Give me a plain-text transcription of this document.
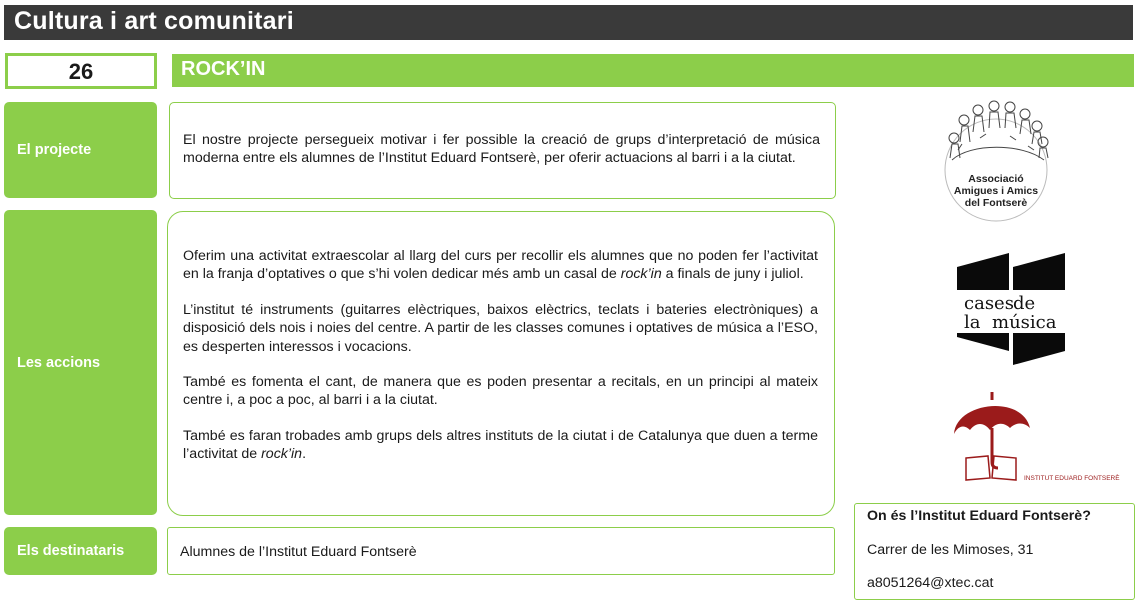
Cultura i art comunitari
26	ROCK’IN
El projecte
El nostre projecte persegueix motivar i fer possible la creació de grups d’interpretació de música moderna entre els alumnes de l’Institut Eduard Fontserè, per oferir actuacions al barri i a la ciutat.
Les accions

Oferim una activitat extraescolar al llarg del curs per recollir els alumnes que no poden fer l’activitat en la franja d’optatives o que s’hi volen dedicar més amb un casal de rock’in a finals de juny i juliol.

L’institut té instruments (guitarres elèctriques, baixos elèctrics, teclats i bateries electròniques) a disposició dels nois i noies del centre. A partir de les classes comunes i optatives de música a l’ESO, es desperten interessos i vocacions.

També es fomenta el cant, de manera que es poden presentar a recitals, en un principi al mateix centre i, a poc a poc, al barri i a la ciutat.

També es faran trobades amb grups dels altres instituts de la ciutat i de Catalunya que duen a terme l’activitat de rock’in.

Els destinataris	Alumnes de l’Institut Eduard Fontserè
Associació
Amigues i Amics
del Fontserè
cases de
la música
INSTITUT EDUARD FONTSERÈ
On és l’Institut Eduard Fontserè?
Carrer de les Mimoses, 31
a8051264@xtec.cat
